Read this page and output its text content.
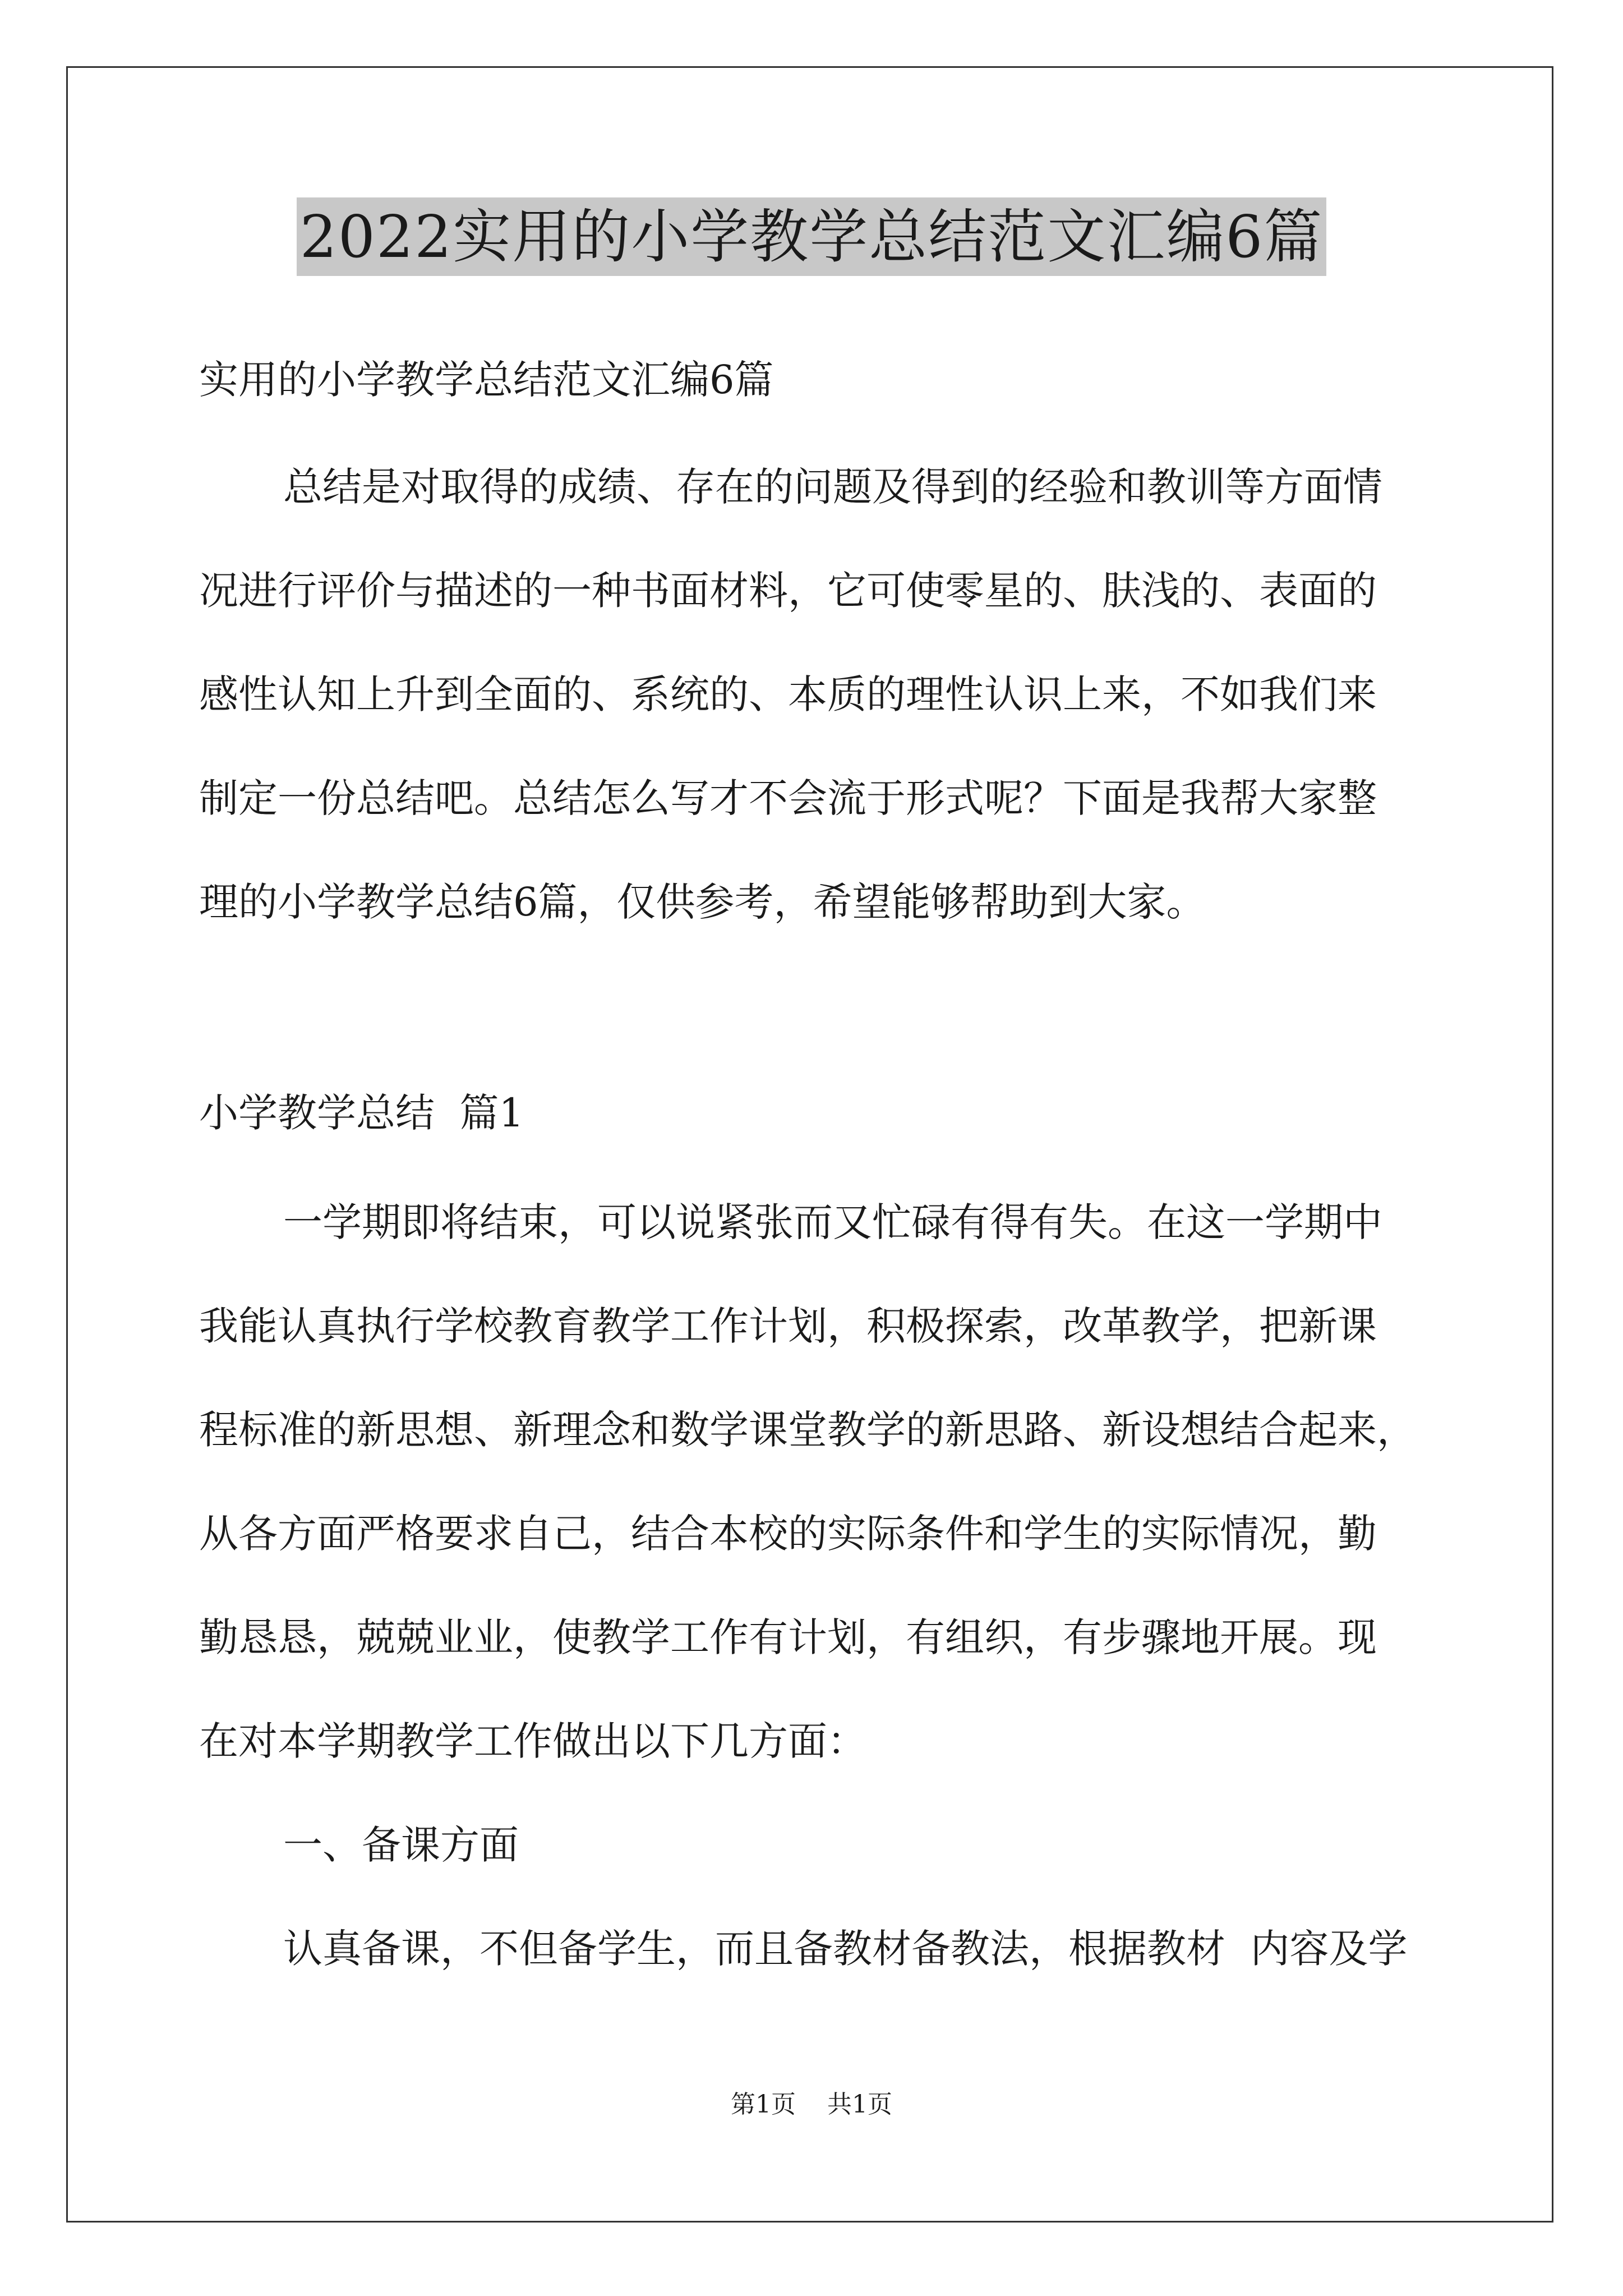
2022实用的小学教学总结范文汇编6篇
实用的小学教学总结范文汇编6篇
总结是对取得的成绩、存在的问题及得到的经验和教训等方面情
况进行评价与描述的一种书面材料，它可使零星的、肤浅的、表面的
感性认知上升到全面的、系统的、本质的理性认识上来，不如我们来
制定一份总结吧。总结怎么写才不会流于形式呢？下面是我帮大家整
理的小学教学总结6篇，仅供参考，希望能够帮助到大家。
小学教学总结  篇1
一学期即将结束，可以说紧张而又忙碌有得有失。在这一学期中
我能认真执行学校教育教学工作计划，积极探索，改革教学，把新课
程标准的新思想、新理念和数学课堂教学的新思路、新设想结合起来，
从各方面严格要求自己，结合本校的实际条件和学生的实际情况，勤
勤恳恳，兢兢业业，使教学工作有计划，有组织，有步骤地开展。现
在对本学期教学工作做出以下几方面：
一、备课方面
认真备课，不但备学生，而且备教材备教法，根据教材  内容及学
第1页    共1页
